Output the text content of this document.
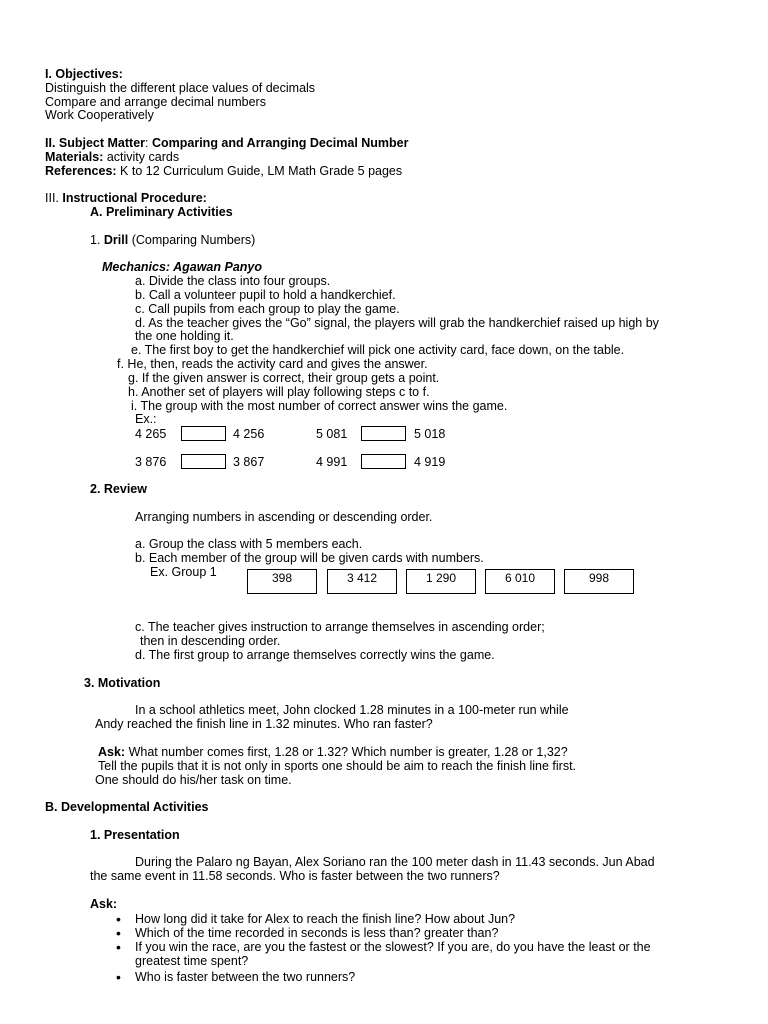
I. Objectives:
Distinguish the different place values of decimals
Compare and arrange decimal numbers
Work Cooperatively
II. Subject Matter: Comparing and Arranging Decimal Number
Materials: activity cards
References: K to 12 Curriculum Guide, LM Math Grade 5 pages
III. Instructional Procedure:
A. Preliminary Activities
1. Drill (Comparing Numbers)
Mechanics: Agawan Panyo
a. Divide the class into four groups.
b. Call a volunteer pupil to hold a handkerchief.
c. Call pupils from each group to play the game.
d. As the teacher gives the “Go” signal, the players will grab the handkerchief raised up high by
the one holding it.
e. The first boy to get the handkerchief will pick one activity card, face down, on the table.
f. He, then, reads the activity card and gives the answer.
g. If the given answer is correct, their group gets a point.
h. Another set of players will play following steps c to f.
i. The group with the most number of correct answer wins the game.
Ex.:
4 265	4 256	5 081	5 018
3 876	3 867	4 991	4 919
2. Review
Arranging numbers in ascending or descending order.
a. Group the class with 5 members each.
b. Each member of the group will be given cards with numbers.
Ex. Group 1	398	3 412	1 290	6 010	998
c. The teacher gives instruction to arrange themselves in ascending order;
then in descending order.
d. The first group to arrange themselves correctly wins the game.
3. Motivation
In a school athletics meet, John clocked 1.28 minutes in a 100-meter run while
Andy reached the finish line in 1.32 minutes. Who ran faster?
Ask: What number comes first, 1.28 or 1.32? Which number is greater, 1.28 or 1,32?
Tell the pupils that it is not only in sports one should be aim to reach the finish line first.
One should do his/her task on time.
B. Developmental Activities
1. Presentation
During the Palaro ng Bayan, Alex Soriano ran the 100 meter dash in 11.43 seconds. Jun Abad
the same event in 11.58 seconds. Who is faster between the two runners?
Ask:
• How long did it take for Alex to reach the finish line? How about Jun?
• Which of the time recorded in seconds is less than? greater than?
• If you win the race, are you the fastest or the slowest? If you are, do you have the least or the
greatest time spent?
• Who is faster between the two runners?
